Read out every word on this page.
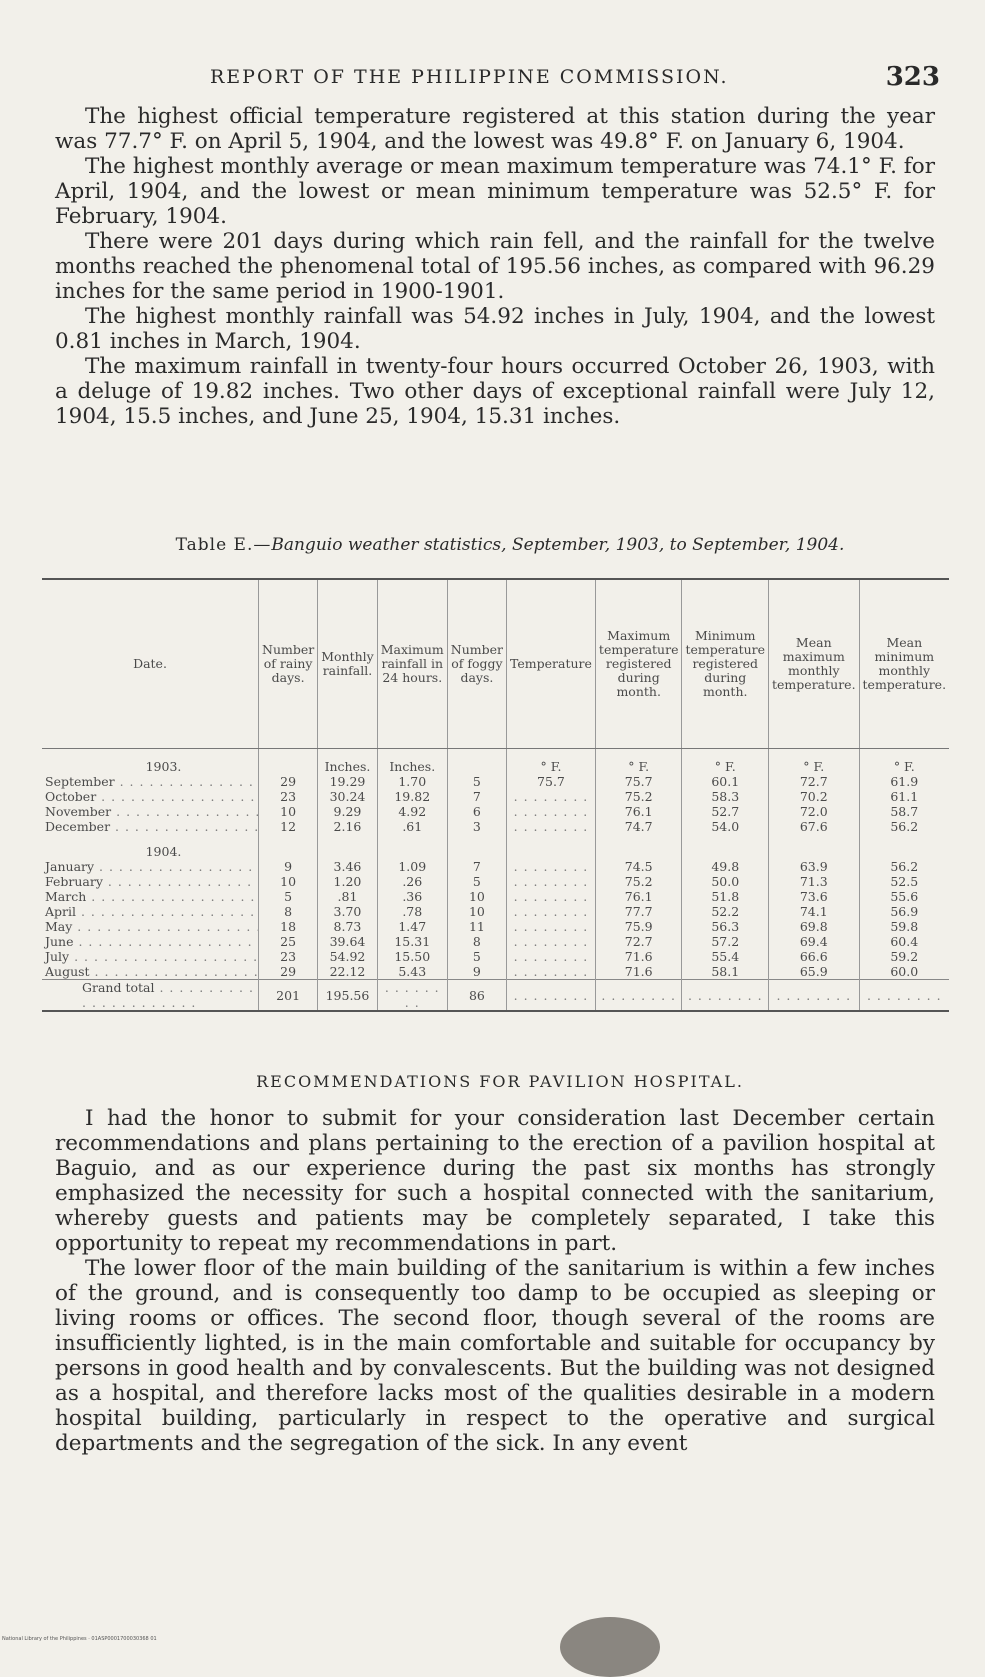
REPORT OF THE PHILIPPINE COMMISSION.	323

The highest official temperature registered at this station during the year was 77.7° F. on April 5, 1904, and the lowest was 49.8° F. on January 6, 1904.

The highest monthly average or mean maximum temperature was 74.1° F. for April, 1904, and the lowest or mean minimum temperature was 52.5° F. for February, 1904.

There were 201 days during which rain fell, and the rainfall for the twelve months reached the phenomenal total of 195.56 inches, as compared with 96.29 inches for the same period in 1900-1901.

The highest monthly rainfall was 54.92 inches in July, 1904, and the lowest 0.81 inches in March, 1904.

The maximum rainfall in twenty-four hours occurred October 26, 1903, with a deluge of 19.82 inches. Two other days of exceptional rainfall were July 12, 1904, 15.5 inches, and June 25, 1904, 15.31 inches.

Table E.—Banguio weather statistics, September, 1903, to September, 1904.
Date.	Number of rainy days.	Monthly rainfall.	Maximum rainfall in 24 hours.	Number of foggy days.	Temperature	Maximum temperature registered during month.	Minimum temperature registered during month.	Mean maximum monthly temperature.	Mean minimum monthly temperature.
1903.		Inches.	Inches.		° F.	° F.	° F.	° F.	° F.
September . . .	29	19.29	1.70	5	75.7	75.7	60.1	72.7	61.9
October . . .	23	30.24	19.82	7	. . .	75.2	58.3	70.2	61.1
November . . .	10	9.29	4.92	6	. . .	76.1	52.7	72.0	58.7
December . . .	12	2.16	.61	3	. . .	74.7	54.0	67.6	56.2
1904.									
January . . .	9	3.46	1.09	7	. . .	74.5	49.8	63.9	56.2
February . . .	10	1.20	.26	5	. . .	75.2	50.0	71.3	52.5
March . . .	5	.81	.36	10	. . .	76.1	51.8	73.6	55.6
April . . .	8	3.70	.78	10	. . .	77.7	52.2	74.1	56.9
May . . .	18	8.73	1.47	11	. . .	75.9	56.3	69.8	59.8
June . . .	25	39.64	15.31	8	. . .	72.7	57.2	69.4	60.4
July . . .	23	54.92	15.50	5	. . .	71.6	55.4	66.6	59.2
August . . .	29	22.12	5.43	9	. . .	71.6	58.1	65.9	60.0
Grand total . . .	201	195.56	. . .	86	. . .	. . .	. . .	. . .	. . .
RECOMMENDATIONS FOR PAVILION HOSPITAL.

I had the honor to submit for your consideration last December certain recommendations and plans pertaining to the erection of a pavilion hospital at Baguio, and as our experience during the past six months has strongly emphasized the necessity for such a hospital connected with the sanitarium, whereby guests and patients may be completely separated, I take this opportunity to repeat my recommendations in part.

The lower floor of the main building of the sanitarium is within a few inches of the ground, and is consequently too damp to be occupied as sleeping or living rooms or offices. The second floor, though several of the rooms are insufficiently lighted, is in the main comfortable and suitable for occupancy by persons in good health and by convalescents. But the building was not designed as a hospital, and therefore lacks most of the qualities desirable in a modern hospital building, particularly in respect to the operative and surgical departments and the segregation of the sick. In any event

National Library of the Philippines · 01ASP0001700030368 01
